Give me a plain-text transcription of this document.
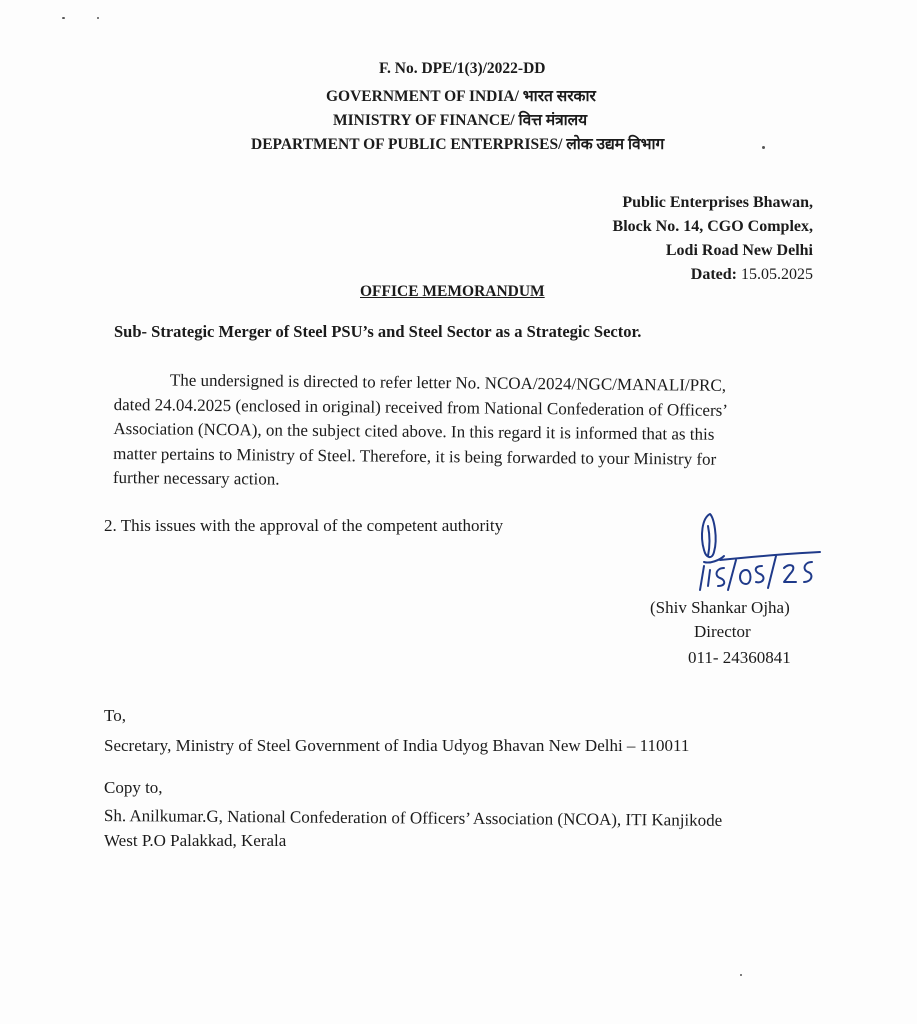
F. No. DPE/1(3)/2022-DD
GOVERNMENT OF INDIA/ भारत सरकार
MINISTRY OF FINANCE/ वित्त मंत्रालय
DEPARTMENT OF PUBLIC ENTERPRISES/ लोक उद्यम विभाग
Public Enterprises Bhawan,
Block No. 14, CGO Complex,
Lodi Road New Delhi
Dated: 15.05.2025
OFFICE MEMORANDUM
Sub- Strategic Merger of Steel PSU’s and Steel Sector as a Strategic Sector.
The undersigned is directed to refer letter No. NCOA/2024/NGC/MANALI/PRC,
dated 24.04.2025 (enclosed in original) received from National Confederation of Officers’
Association (NCOA), on the subject cited above. In this regard it is informed that as this
matter pertains to Ministry of Steel. Therefore, it is being forwarded to your Ministry for
further necessary action.
2. This issues with the approval of the competent authority
(Shiv Shankar Ojha)
Director
011- 24360841
To,
Secretary, Ministry of Steel Government of India Udyog Bhavan New Delhi – 110011
Copy to,
Sh. Anilkumar.G, National Confederation of Officers’ Association (NCOA), ITI Kanjikode
West P.O Palakkad, Kerala
